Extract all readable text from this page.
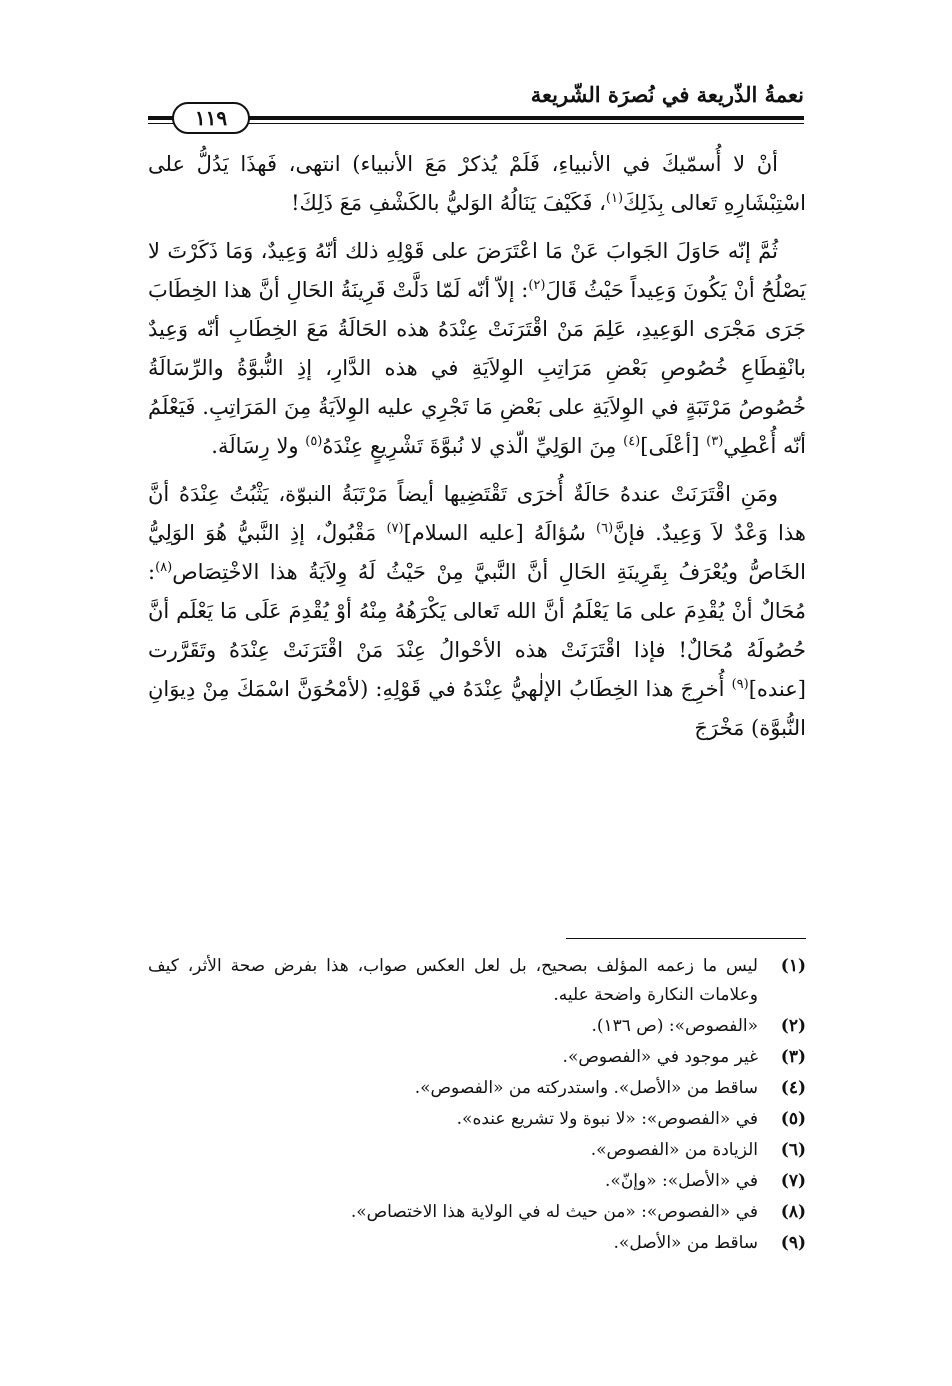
نعمةُ الذّريعة في نُصرَة الشّريعة
١١٩

أنْ لا أُسمّيكَ في الأنبياءِ، فَلَمْ يُذكرْ مَعَ الأنبياء) انتهى، فَهذَا يَدُلُّ على اسْتِبْشَارِهِ تَعالى بِذَلِكَ$^{(١)}$، فَكَيْفَ يَنَالُهُ الوَليُّ بالكَشْفِ مَعَ ذَلِكَ!

ثُمَّ إنّه حَاوَلَ الجَوابَ عَنْ مَا اعْتَرَضَ على قَوْلِهِ ذلك أنّهُ وَعِيدٌ، وَمَا ذَكَرْتَ لا يَصْلُحُ أنْ يَكُونَ وَعِيداً حَيْثُ قَالَ$^{(٢)}$: إلاّ أنّه لَمّا دَلَّتْ قَرِينَةُ الحَالِ أنَّ هذا الخِطَابَ جَرَى مَجْرَى الوَعِيدِ، عَلِمَ مَنْ اقْتَرَنَتْ عِنْدَهُ هذه الحَالَةُ مَعَ الخِطَابِ أنّه وَعِيدٌ بانْقِطَاعِ خُصُوصِ بَعْضِ مَرَاتِبِ الوِلاَيَةِ في هذه الدَّارِ، إذِ النُّبوَّةُ والرِّسَالَةُ خُصُوصُ مَرْتَبَةٍ في الوِلاَيَةِ على بَعْضِ مَا تَجْرِي عليه الوِلاَيَةُ مِنَ المَرَاتِبِ. فَيَعْلَمُ أنّه أُعْطِي$^{(٣)}$ [أعْلَى]$^{(٤)}$ مِنَ الوَلِيِّ الّذي لا نُبوَّةَ تَشْرِيعٍ عِنْدَهُ$^{(٥)}$ ولا رِسَالَة.

ومَنِ اقْتَرَنَتْ عندهُ حَالَةٌ أُخرَى تَقْتَضِيها أيضاً مَرْتَبَةُ النبوّة، يَثْبُتُ عِنْدَهُ أنَّ هذا وَعْدٌ لاَ وَعِيدٌ. فإنَّ$^{(٦)}$ سُؤالَهُ [عليه السلام]$^{(٧)}$ مَقْبُولٌ، إذِ النَّبيُّ هُوَ الوَلِيُّ الخَاصُّ ويُعْرَفُ بِقَرِينَةِ الحَالِ أنَّ النَّبيَّ مِنْ حَيْثُ لَهُ وِلاَيَةُ هذا الاخْتِصَاص$^{(٨)}$: مُحَالٌ أنْ يُقْدِمَ على مَا يَعْلَمُ أنَّ الله تَعالى يَكْرَهُهُ مِنْهُ أوْ يُقْدِمَ عَلَى مَا يَعْلَم أنَّ حُصُولَهُ مُحَالٌ! فإذا اقْتَرَنَتْ هذه الأحْوالُ عِنْدَ مَنْ اقْتَرَنَتْ عِنْدَهُ وتَقَرَّرت [عنده]$^{(٩)}$ أُخرِجَ هذا الخِطَابُ الإلٰهيُّ عِنْدَهُ في قَوْلِهِ: (لأمْحُوَنَّ اسْمَكَ مِنْ دِيوَانِ النُّبوَّة) مَخْرَجَ

(١)
ليس ما زعمه المؤلف بصحيح، بل لعل العكس صواب، هذا بفرض صحة الأثر، كيف وعلامات النكارة واضحة عليه.
(٢)
«الفصوص»: (ص ١٣٦).
(٣)
غير موجود في «الفصوص».
(٤)
ساقط من «الأصل». واستدركته من «الفصوص».
(٥)
في «الفصوص»: «لا نبوة ولا تشريع عنده».
(٦)
الزيادة من «الفصوص».
(٧)
في «الأصل»: «وإنّ».
(٨)
في «الفصوص»: «من حيث له في الولاية هذا الاختصاص».
(٩)
ساقط من «الأصل».
